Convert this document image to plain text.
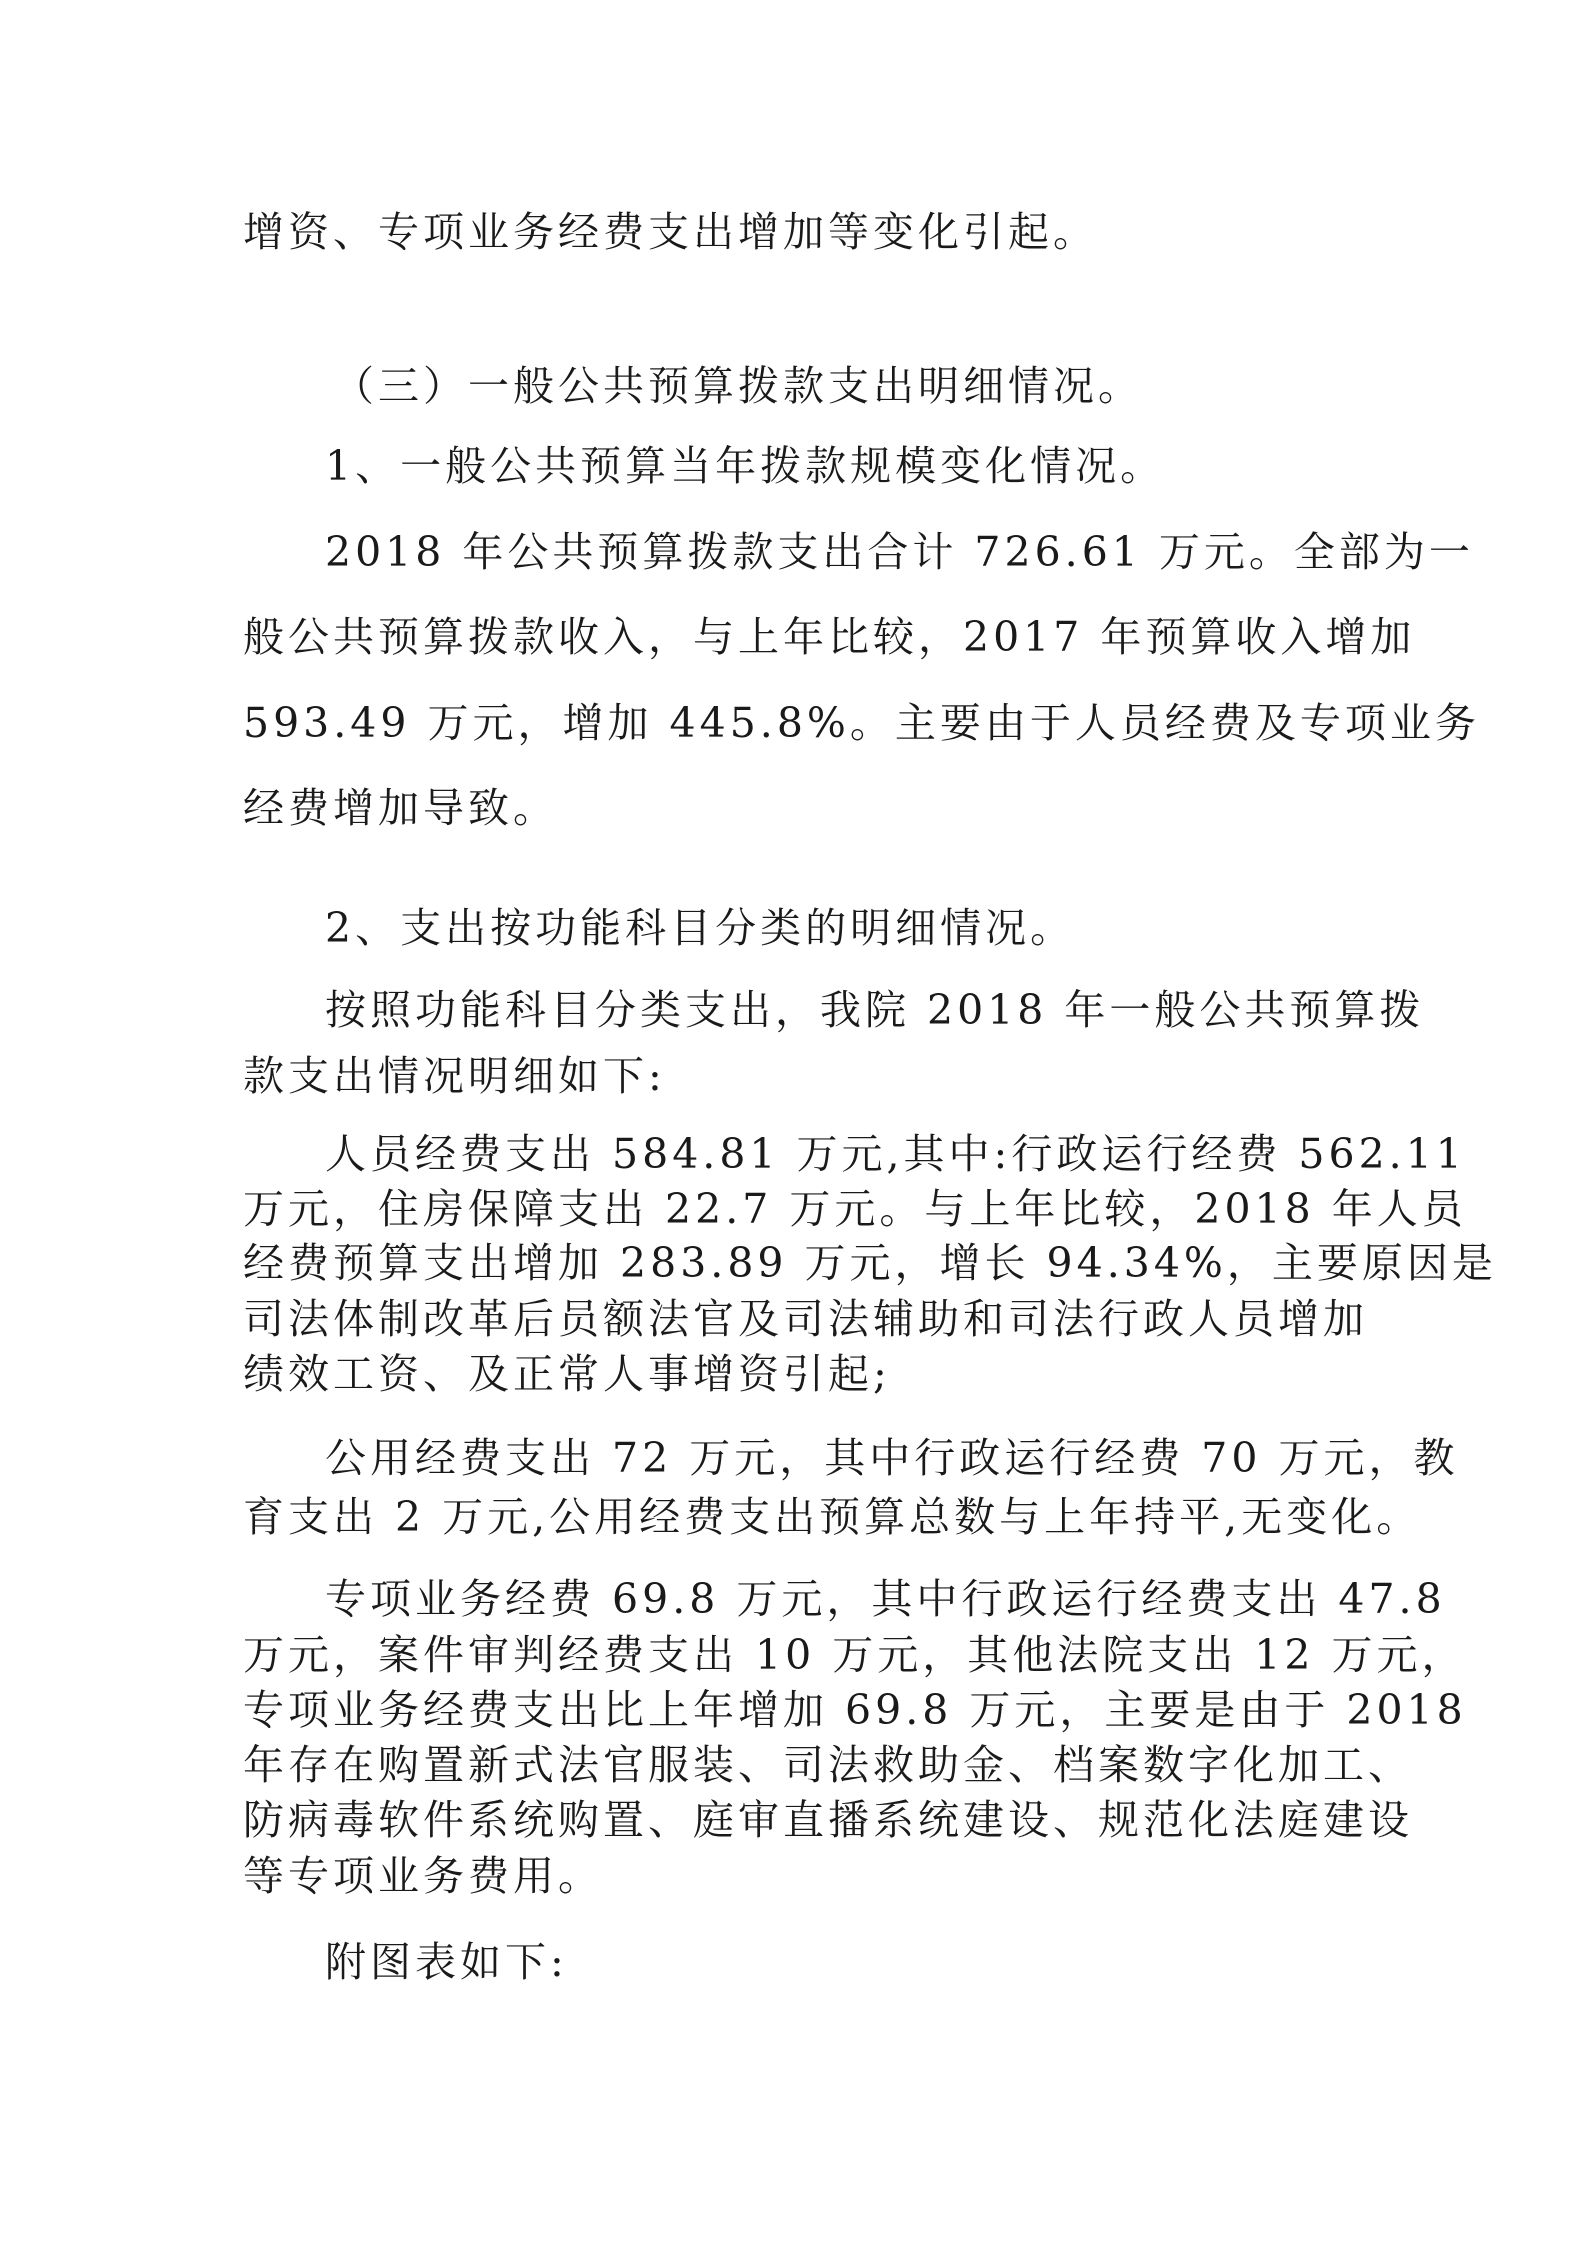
增资、专项业务经费支出增加等变化引起。
（三）一般公共预算拨款支出明细情况。
1、一般公共预算当年拨款规模变化情况。
2018 年公共预算拨款支出合计 726.61 万元。全部为一
般公共预算拨款收入，与上年比较，2017 年预算收入增加
593.49 万元，增加 445.8%。主要由于人员经费及专项业务
经费增加导致。
2、支出按功能科目分类的明细情况。
按照功能科目分类支出，我院 2018 年一般公共预算拨
款支出情况明细如下:
人员经费支出 584.81 万元,其中:行政运行经费 562.11
万元，住房保障支出 22.7 万元。与上年比较，2018 年人员
经费预算支出增加 283.89 万元，增长 94.34%，主要原因是
司法体制改革后员额法官及司法辅助和司法行政人员增加
绩效工资、及正常人事增资引起;
公用经费支出 72 万元，其中行政运行经费 70 万元，教
育支出 2 万元,公用经费支出预算总数与上年持平,无变化。
专项业务经费 69.8 万元，其中行政运行经费支出 47.8
万元，案件审判经费支出 10 万元，其他法院支出 12 万元，
专项业务经费支出比上年增加 69.8 万元，主要是由于 2018
年存在购置新式法官服装、司法救助金、档案数字化加工、
防病毒软件系统购置、庭审直播系统建设、规范化法庭建设
等专项业务费用。
附图表如下:
